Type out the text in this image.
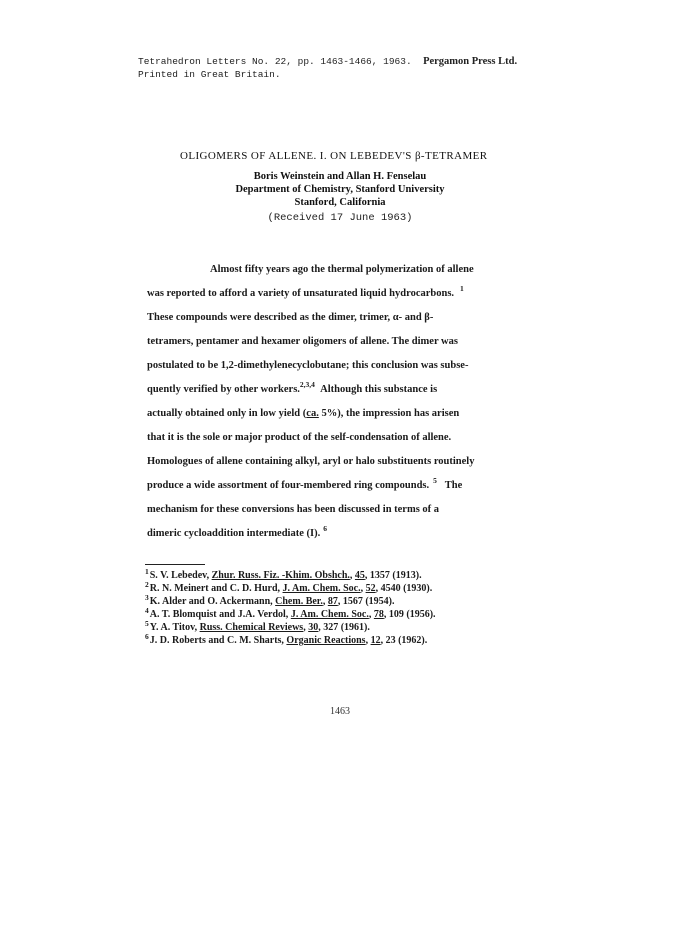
Tetrahedron Letters No. 22, pp. 1463-1466, 1963. Pergamon Press Ltd.
Printed in Great Britain.
OLIGOMERS OF ALLENE. I. ON LEBEDEV'S β-TETRAMER
Boris Weinstein and Allan H. Fenselau
Department of Chemistry, Stanford University
Stanford, California
(Received 17 June 1963)
Almost fifty years ago the thermal polymerization of allene
was reported to afford a variety of unsaturated liquid hydrocarbons. $^1$
These compounds were described as the dimer, trimer, α- and β-
tetramers, pentamer and hexamer oligomers of allene. The dimer was
postulated to be 1,2-dimethylenecyclobutane; this conclusion was subse-
quently verified by other workers.$^{2,3,4}$ Although this substance is
actually obtained only in low yield (ca. 5%), the impression has arisen
that it is the sole or major product of the self-condensation of allene.
Homologues of allene containing alkyl, aryl or halo substituents routinely
produce a wide assortment of four-membered ring compounds. $^5$ The
mechanism for these conversions has been discussed in terms of a
dimeric cycloaddition intermediate (I). $^6$
$^1$S. V. Lebedev, Zhur. Russ. Fiz. -Khim. Obshch., 45, 1357 (1913).
$^2$R. N. Meinert and C. D. Hurd, J. Am. Chem. Soc., 52, 4540 (1930).
$^3$K. Alder and O. Ackermann, Chem. Ber., 87, 1567 (1954).
$^4$A. T. Blomquist and J.A. Verdol, J. Am. Chem. Soc., 78, 109 (1956).
$^5$Y. A. Titov, Russ. Chemical Reviews, 30, 327 (1961).
$^6$J. D. Roberts and C. M. Sharts, Organic Reactions, 12, 23 (1962).
1463
